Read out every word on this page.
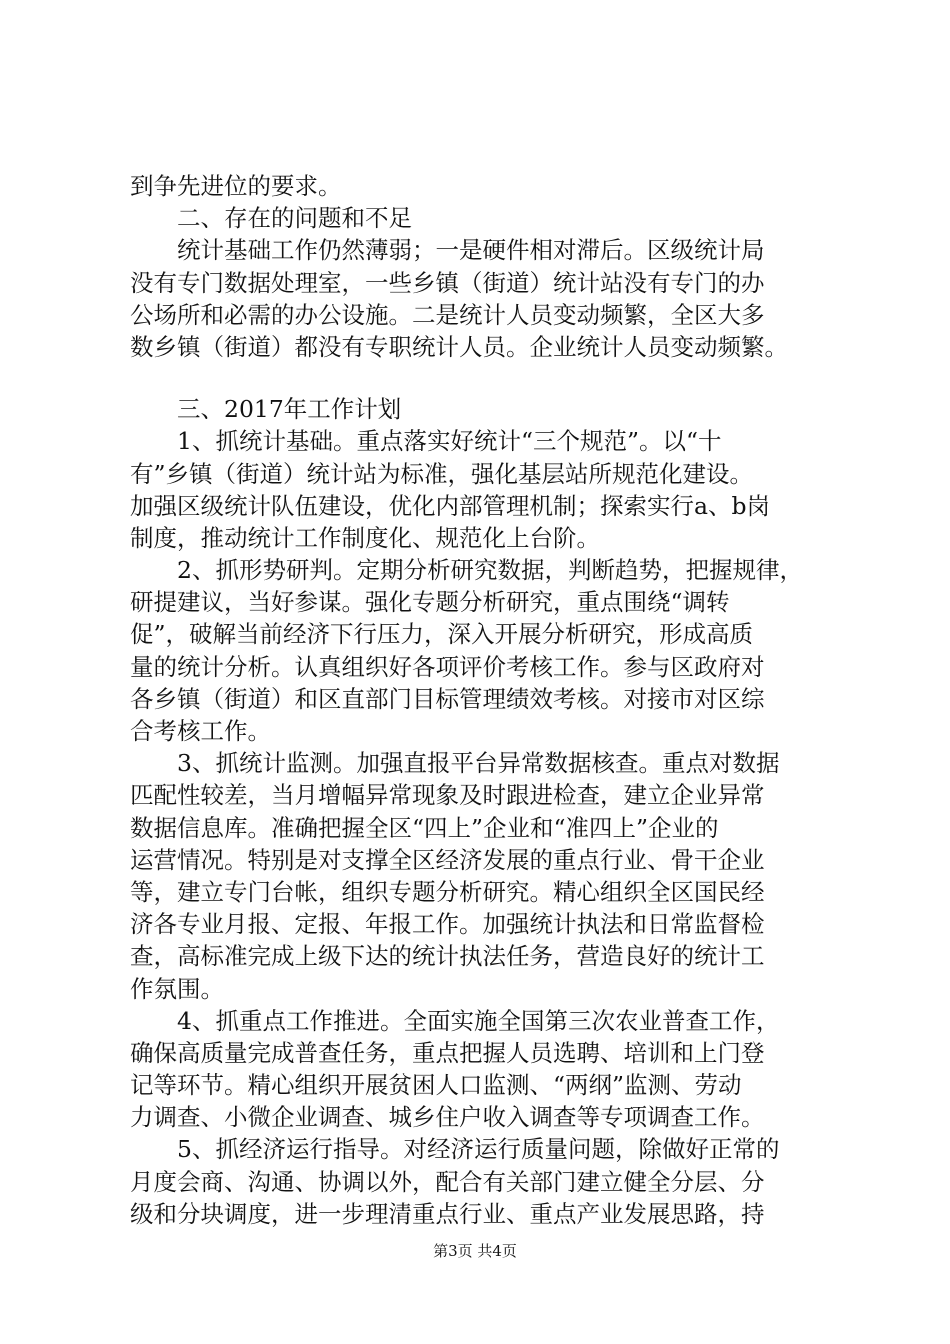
到争先进位的要求。
　　二、存在的问题和不足
　　统计基础工作仍然薄弱；一是硬件相对滞后。区级统计局
没有专门数据处理室，一些乡镇（街道）统计站没有专门的办
公场所和必需的办公设施。二是统计人员变动频繁，全区大多
数乡镇（街道）都没有专职统计人员。企业统计人员变动频繁。
　　三、2017年工作计划
　　1、抓统计基础。重点落实好统计“三个规范”。以“十
有”乡镇（街道）统计站为标准，强化基层站所规范化建设。
加强区级统计队伍建设，优化内部管理机制；探索实行a、b岗
制度，推动统计工作制度化、规范化上台阶。
　　2、抓形势研判。定期分析研究数据，判断趋势，把握规律，
研提建议，当好参谋。强化专题分析研究，重点围绕“调转
促”，破解当前经济下行压力，深入开展分析研究，形成高质
量的统计分析。认真组织好各项评价考核工作。参与区政府对
各乡镇（街道）和区直部门目标管理绩效考核。对接市对区综
合考核工作。
　　3、抓统计监测。加强直报平台异常数据核查。重点对数据
匹配性较差，当月增幅异常现象及时跟进检查，建立企业异常
数据信息库。准确把握全区“四上”企业和“准四上”企业的
运营情况。特别是对支撑全区经济发展的重点行业、骨干企业
等，建立专门台帐，组织专题分析研究。精心组织全区国民经
济各专业月报、定报、年报工作。加强统计执法和日常监督检
查，高标准完成上级下达的统计执法任务，营造良好的统计工
作氛围。
　　4、抓重点工作推进。全面实施全国第三次农业普查工作，
确保高质量完成普查任务，重点把握人员选聘、培训和上门登
记等环节。精心组织开展贫困人口监测、“两纲”监测、劳动
力调查、小微企业调查、城乡住户收入调查等专项调查工作。
　　5、抓经济运行指导。对经济运行质量问题，除做好正常的
月度会商、沟通、协调以外，配合有关部门建立健全分层、分
级和分块调度，进一步理清重点行业、重点产业发展思路，持
第3页 共4页
